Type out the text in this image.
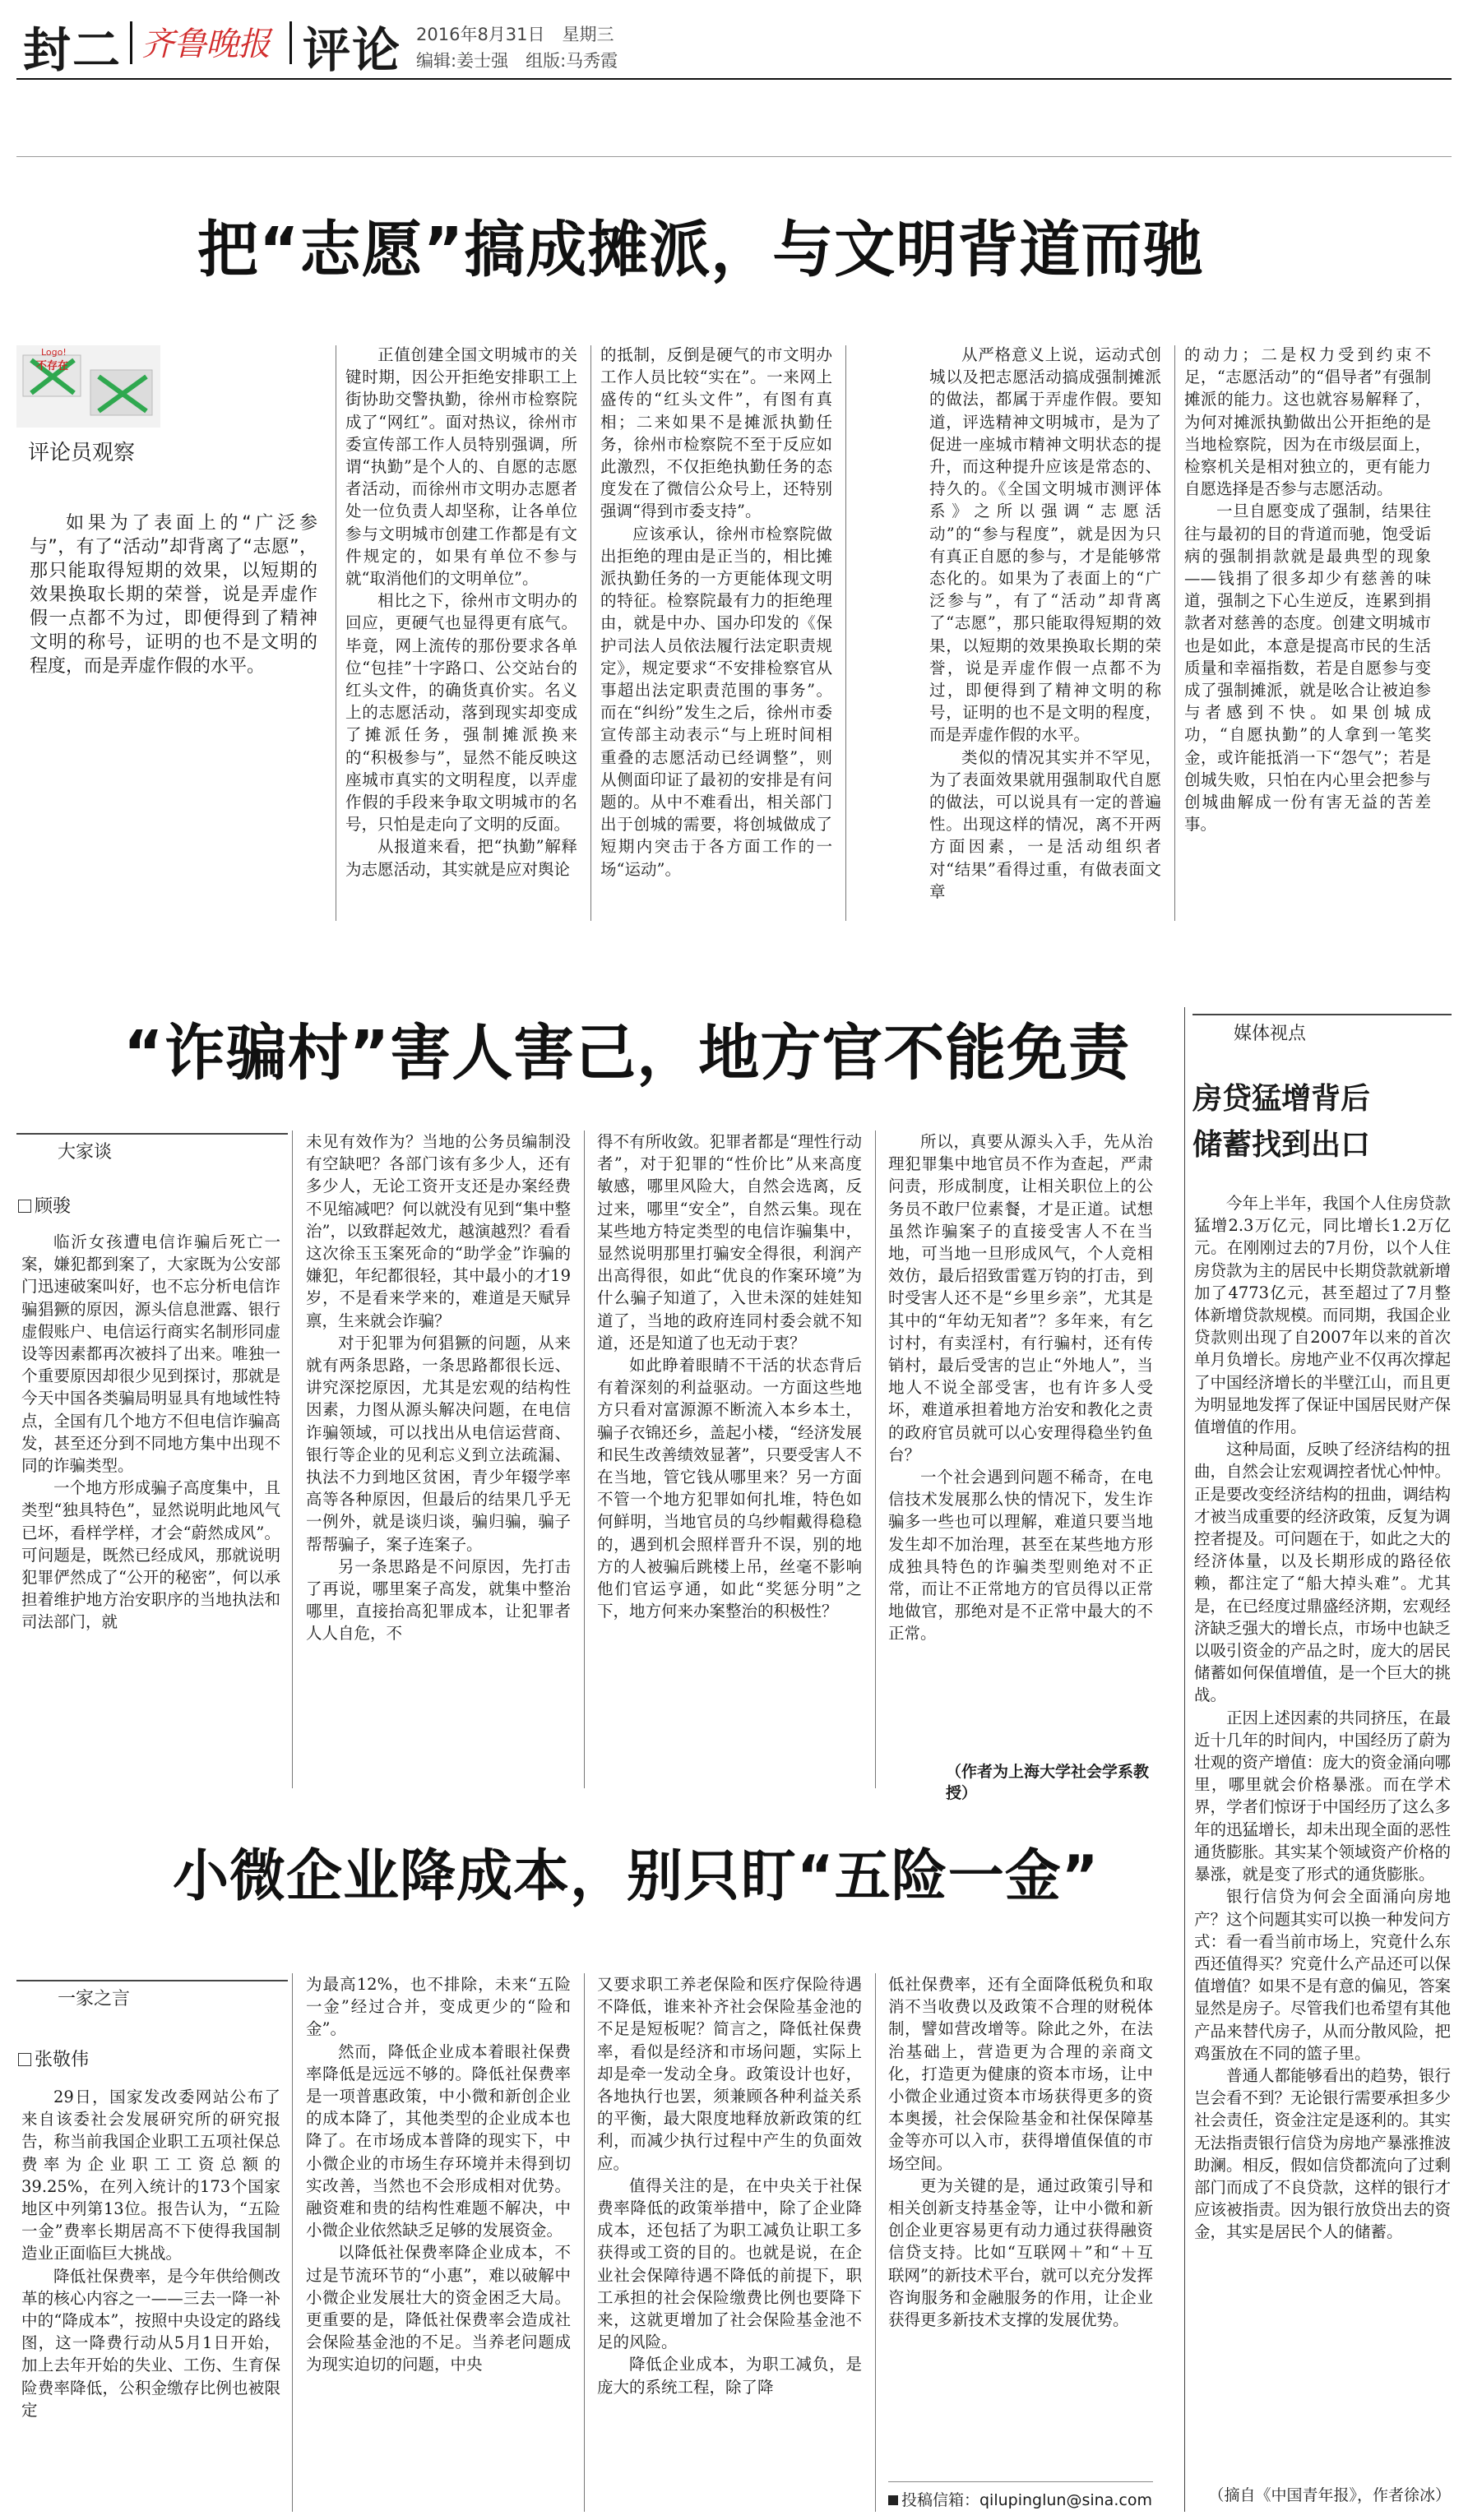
封二 齐鲁晚报 评论 2016年8月31日　星期三
编辑:姜士强　组版:马秀霞
把“志愿”搞成摊派，与文明背道而驰
Logo!
不存在
评论员观察
如果为了表面上的“广泛参与”，有了“活动”却背离了“志愿”，那只能取得短期的效果，以短期的效果换取长期的荣誉，说是弄虚作假一点都不为过，即便得到了精神文明的称号，证明的也不是文明的程度，而是弄虚作假的水平。

正值创建全国文明城市的关键时期，因公开拒绝安排职工上街协助交警执勤，徐州市检察院成了“网红”。面对热议，徐州市委宣传部工作人员特别强调，所谓“执勤”是个人的、自愿的志愿者活动，而徐州市文明办志愿者处一位负责人却坚称，让各单位参与文明城市创建工作都是有文件规定的，如果有单位不参与就“取消他们的文明单位”。

相比之下，徐州市文明办的回应，更硬气也显得更有底气。毕竟，网上流传的那份要求各单位“包挂”十字路口、公交站台的红头文件，的确货真价实。名义上的志愿活动，落到现实却变成了摊派任务，强制摊派换来的“积极参与”，显然不能反映这座城市真实的文明程度，以弄虚作假的手段来争取文明城市的名号，只怕是走向了文明的反面。

从报道来看，把“执勤”解释为志愿活动，其实就是应对舆论

的抵制，反倒是硬气的市文明办工作人员比较“实在”。一来网上盛传的“红头文件”，有图有真相；二来如果不是摊派执勤任务，徐州市检察院不至于反应如此激烈，不仅拒绝执勤任务的态度发在了微信公众号上，还特别强调“得到市委支持”。

应该承认，徐州市检察院做出拒绝的理由是正当的，相比摊派执勤任务的一方更能体现文明的特征。检察院最有力的拒绝理由，就是中办、国办印发的《保护司法人员依法履行法定职责规定》，规定要求“不安排检察官从事超出法定职责范围的事务”。而在“纠纷”发生之后，徐州市委宣传部主动表示“与上班时间相重叠的志愿活动已经调整”，则从侧面印证了最初的安排是有问题的。从中不难看出，相关部门出于创城的需要，将创城做成了短期内突击于各方面工作的一场“运动”。

从严格意义上说，运动式创城以及把志愿活动搞成强制摊派的做法，都属于弄虚作假。要知道，评选精神文明城市，是为了促进一座城市精神文明状态的提升，而这种提升应该是常态的、持久的。《全国文明城市测评体系》之所以强调“志愿活动”的“参与程度”，就是因为只有真正自愿的参与，才是能够常态化的。如果为了表面上的“广泛参与”，有了“活动”却背离了“志愿”，那只能取得短期的效果，以短期的效果换取长期的荣誉，说是弄虚作假一点都不为过，即便得到了精神文明的称号，证明的也不是文明的程度，而是弄虚作假的水平。

类似的情况其实并不罕见，为了表面效果就用强制取代自愿的做法，可以说具有一定的普遍性。出现这样的情况，离不开两方面因素，一是活动组织者对“结果”看得过重，有做表面文章

的动力；二是权力受到约束不足，“志愿活动”的“倡导者”有强制摊派的能力。这也就容易解释了，为何对摊派执勤做出公开拒绝的是当地检察院，因为在市级层面上，检察机关是相对独立的，更有能力自愿选择是否参与志愿活动。

一旦自愿变成了强制，结果往往与最初的目的背道而驰，饱受诟病的强制捐款就是最典型的现象——钱捐了很多却少有慈善的味道，强制之下心生逆反，连累到捐款者对慈善的态度。创建文明城市也是如此，本意是提高市民的生活质量和幸福指数，若是自愿参与变成了强制摊派，就是吆合让被迫参与者感到不快。如果创城成功，“自愿执勤”的人拿到一笔奖金，或许能抵消一下“怨气”；若是创城失败，只怕在内心里会把参与创城曲解成一份有害无益的苦差事。

“诈骗村”害人害己，地方官不能免责
大家谈
顾骏

临沂女孩遭电信诈骗后死亡一案，嫌犯都到案了，大家既为公安部门迅速破案叫好，也不忘分析电信诈骗猖獗的原因，源头信息泄露、银行虚假账户、电信运行商实名制形同虚设等因素都再次被抖了出来。唯独一个重要原因却很少见到探讨，那就是今天中国各类骗局明显具有地域性特点，全国有几个地方不但电信诈骗高发，甚至还分到不同地方集中出现不同的诈骗类型。

一个地方形成骗子高度集中，且类型“独具特色”，显然说明此地风气已坏，看样学样，才会“蔚然成风”。可问题是，既然已经成风，那就说明犯罪俨然成了“公开的秘密”，何以承担着维护地方治安职序的当地执法和司法部门，就

未见有效作为？当地的公务员编制没有空缺吧？各部门该有多少人，还有多少人，无论工资开支还是办案经费不见缩减吧？何以就没有见到“集中整治”，以致群起效尤，越演越烈？看看这次徐玉玉案死命的“助学金”诈骗的嫌犯，年纪都很轻，其中最小的才19岁，不是看来学来的，难道是天赋异禀，生来就会诈骗？

对于犯罪为何猖獗的问题，从来就有两条思路，一条思路都很长远、讲究深挖原因，尤其是宏观的结构性因素，力图从源头解决问题，在电信诈骗领域，可以找出从电信运营商、银行等企业的见利忘义到立法疏漏、执法不力到地区贫困，青少年辍学率高等各种原因，但最后的结果几乎无一例外，就是谈归谈，骗归骗，骗子帮帮骗子，案子连案子。

另一条思路是不问原因，先打击了再说，哪里案子高发，就集中整治哪里，直接抬高犯罪成本，让犯罪者人人自危，不

得不有所收敛。犯罪者都是“理性行动者”，对于犯罪的“性价比”从来高度敏感，哪里风险大，自然会选离，反过来，哪里“安全”，自然云集。现在某些地方特定类型的电信诈骗集中，显然说明那里打骗安全得很，利润产出高得很，如此“优良的作案环境”为什么骗子知道了，入世未深的娃娃知道了，当地的政府连同村委会就不知道，还是知道了也无动于衷？

如此睁着眼睛不干活的状态背后有着深刻的利益驱动。一方面这些地方只看对富源源不断流入本乡本土，骗子衣锦还乡，盖起小楼，“经济发展和民生改善绩效显著”，只要受害人不在当地，管它钱从哪里来？另一方面不管一个地方犯罪如何扎堆，特色如何鲜明，当地官员的乌纱帽戴得稳稳的，遇到机会照样晋升不误，别的地方的人被骗后跳楼上吊，丝毫不影响他们官运亨通，如此“奖惩分明”之下，地方何来办案整治的积极性？

所以，真要从源头入手，先从治理犯罪集中地官员不作为查起，严肃问责，形成制度，让相关职位上的公务员不敢尸位素餐，才是正道。试想虽然诈骗案子的直接受害人不在当地，可当地一旦形成风气，个人竞相效仿，最后招致雷霆万钧的打击，到时受害人还不是“乡里乡亲”，尤其是其中的“年幼无知者”？多年来，有乞讨村，有卖淫村，有行骗村，还有传销村，最后受害的岂止“外地人”，当地人不说全部受害，也有许多人受坏，难道承担着地方治安和教化之责的政府官员就可以心安理得稳坐钓鱼台？

一个社会遇到问题不稀奇，在电信技术发展那么快的情况下，发生诈骗多一些也可以理解，难道只要当地发生却不加治理，甚至在某些地方形成独具特色的诈骗类型则绝对不正常，而让不正常地方的官员得以正常地做官，那绝对是不正常中最大的不正常。

（作者为上海大学社会学系教授）
媒体视点
房贷猛增背后
储蓄找到出口

今年上半年，我国个人住房贷款猛增2.3万亿元，同比增长1.2万亿元。在刚刚过去的7月份，以个人住房贷款为主的居民中长期贷款就新增加了4773亿元，甚至超过了7月整体新增贷款规模。而同期，我国企业贷款则出现了自2007年以来的首次单月负增长。房地产业不仅再次撑起了中国经济增长的半壁江山，而且更为明显地发挥了保证中国居民财产保值增值的作用。

这种局面，反映了经济结构的扭曲，自然会让宏观调控者忧心忡忡。正是要改变经济结构的扭曲，调结构才被当成重要的经济政策，反复为调控者提及。可问题在于，如此之大的经济体量，以及长期形成的路径依赖，都注定了“船大掉头难”。尤其是，在已经度过鼎盛经济期，宏观经济缺乏强大的增长点，市场中也缺乏以吸引资金的产品之时，庞大的居民储蓄如何保值增值，是一个巨大的挑战。

正因上述因素的共同挤压，在最近十几年的时间内，中国经历了蔚为壮观的资产增值：庞大的资金涌向哪里，哪里就会价格暴涨。而在学术界，学者们惊讶于中国经历了这么多年的迅猛增长，却未出现全面的恶性通货膨胀。其实某个领域资产价格的暴涨，就是变了形式的通货膨胀。

银行信贷为何会全面涌向房地产？这个问题其实可以换一种发问方式：看一看当前市场上，究竟什么东西还值得买？究竟什么产品还可以保值增值？如果不是有意的偏见，答案显然是房子。尽管我们也希望有其他产品来替代房子，从而分散风险，把鸡蛋放在不同的篮子里。

普通人都能够看出的趋势，银行岂会看不到？无论银行需要承担多少社会责任，资金注定是逐利的。其实无法指责银行信贷为房地产暴涨推波助澜。相反，假如信贷都流向了过剩部门而成了不良贷款，这样的银行才应该被指责。因为银行放贷出去的资金，其实是居民个人的储蓄。

（摘自《中国青年报》，作者徐冰）
小微企业降成本，别只盯“五险一金”
一家之言
张敬伟

29日，国家发改委网站公布了来自该委社会发展研究所的研究报告，称当前我国企业职工五项社保总费率为企业职工工资总额的39.25%，在列入统计的173个国家地区中列第13位。报告认为，“五险一金”费率长期居高不下使得我国制造业正面临巨大挑战。

降低社保费率，是今年供给侧改革的核心内容之一——三去一降一补中的“降成本”，按照中央设定的路线图，这一降费行动从5月1日开始，加上去年开始的失业、工伤、生育保险费率降低，公积金缴存比例也被限定

为最高12%，也不排除，未来“五险一金”经过合并，变成更少的“险和金”。

然而，降低企业成本着眼社保费率降低是远远不够的。降低社保费率是一项普惠政策，中小微和新创企业的成本降了，其他类型的企业成本也降了。在市场成本普降的现实下，中小微企业的市场生存环境并未得到切实改善，当然也不会形成相对优势。融资难和贵的结构性难题不解决，中小微企业依然缺乏足够的发展资金。

以降低社保费率降企业成本，不过是节流环节的“小惠”，难以破解中小微企业发展壮大的资金困乏大局。更重要的是，降低社保费率会造成社会保险基金池的不足。当养老问题成为现实迫切的问题，中央

又要求职工养老保险和医疗保险待遇不降低，谁来补齐社会保险基金池的不足是短板呢？简言之，降低社保费率，看似是经济和市场问题，实际上却是牵一发动全身。政策设计也好，各地执行也罢，须兼顾各种利益关系的平衡，最大限度地释放新政策的红利，而减少执行过程中产生的负面效应。

值得关注的是，在中央关于社保费率降低的政策举措中，除了企业降成本，还包括了为职工减负让职工多获得或工资的目的。也就是说，在企业社会保障待遇不降低的前提下，职工承担的社会保险缴费比例也要降下来，这就更增加了社会保险基金池不足的风险。

降低企业成本，为职工减负，是庞大的系统工程，除了降

低社保费率，还有全面降低税负和取消不当收费以及政策不合理的财税体制，譬如营改增等。除此之外，在法治基础上，营造更为合理的亲商文化，打造更为健康的资本市场，让中小微企业通过资本市场获得更多的资本奥援，社会保险基金和社保保障基金等亦可以入市，获得增值保值的市场空间。

更为关键的是，通过政策引导和相关创新支持基金等，让中小微和新创企业更容易更有动力通过获得融资信贷支持。比如“互联网＋”和“＋互联网”的新技术平台，就可以充分发挥咨询服务和金融服务的作用，让企业获得更多新技术支撑的发展优势。

投稿信箱：qilupinglun@sina.com
